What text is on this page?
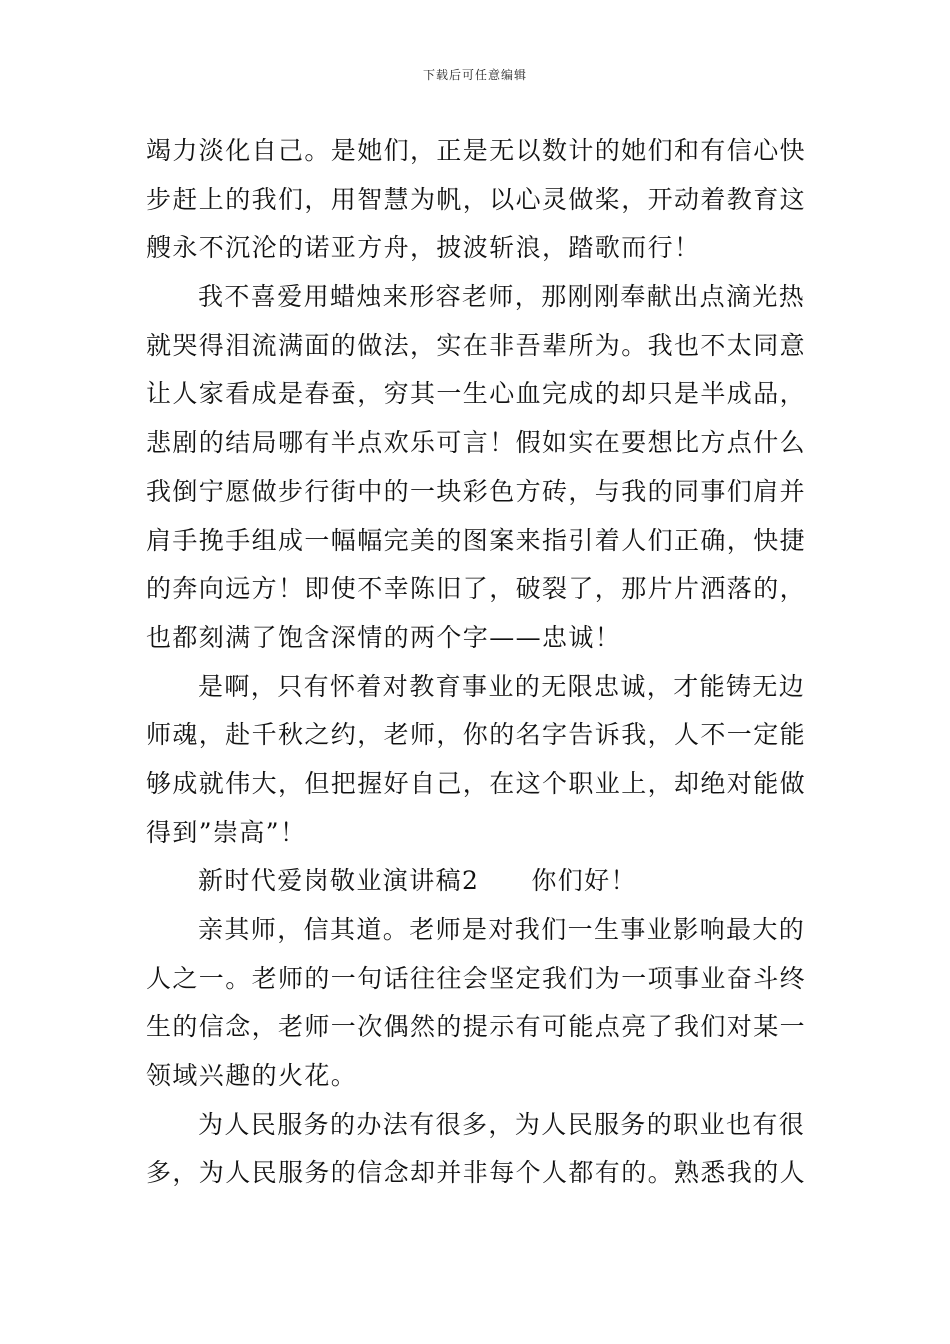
下载后可任意编辑
竭力淡化自己。是她们，正是无以数计的她们和有信心快
步赶上的我们，用智慧为帆，以心灵做桨，开动着教育这
艘永不沉沦的诺亚方舟，披波斩浪，踏歌而行！
我不喜爱用蜡烛来形容老师，那刚刚奉献出点滴光热
就哭得泪流满面的做法，实在非吾辈所为。我也不太同意
让人家看成是春蚕，穷其一生心血完成的却只是半成品，
悲剧的结局哪有半点欢乐可言！假如实在要想比方点什么
我倒宁愿做步行街中的一块彩色方砖，与我的同事们肩并
肩手挽手组成一幅幅完美的图案来指引着人们正确，快捷
的奔向远方！即使不幸陈旧了，破裂了，那片片洒落的，
也都刻满了饱含深情的两个字——忠诚！
是啊，只有怀着对教育事业的无限忠诚，才能铸无边
师魂，赴千秋之约，老师，你的名字告诉我，人不一定能
够成就伟大，但把握好自己，在这个职业上，却绝对能做
得到”崇高”！
新时代爱岗敬业演讲稿2 你们好！
亲其师，信其道。老师是对我们一生事业影响最大的
人之一。老师的一句话往往会坚定我们为一项事业奋斗终
生的信念，老师一次偶然的提示有可能点亮了我们对某一
领域兴趣的火花。
为人民服务的办法有很多，为人民服务的职业也有很
多，为人民服务的信念却并非每个人都有的。熟悉我的人
